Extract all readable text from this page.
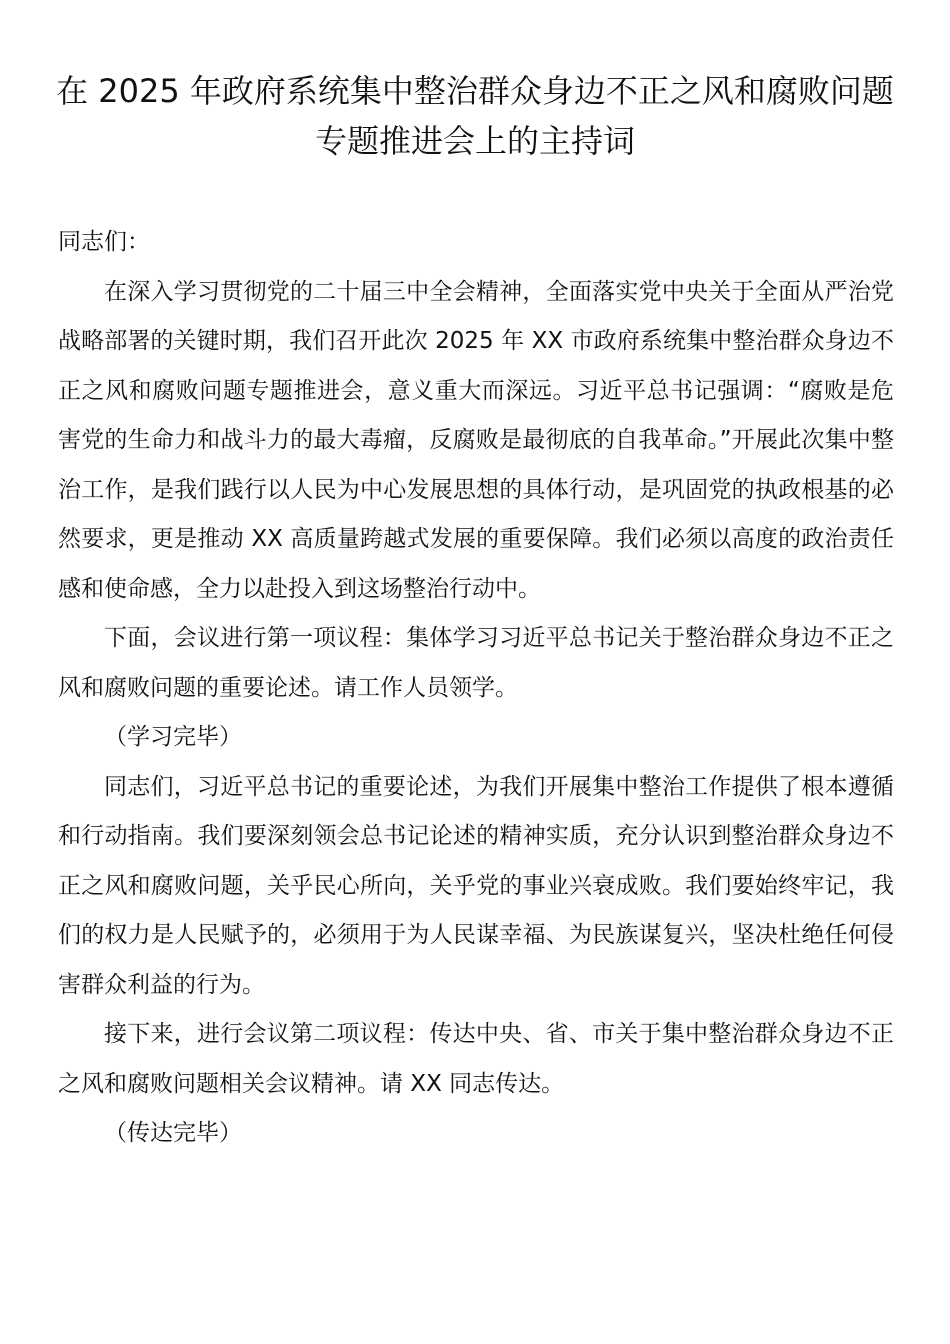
在 2025 年政府系统集中整治群众身边不正之风和腐败问题专题推进会上的主持词

同志们：

在深入学习贯彻党的二十届三中全会精神，全面落实党中央关于全面从严治党战略部署的关键时期，我们召开此次 2025 年 XX 市政府系统集中整治群众身边不正之风和腐败问题专题推进会，意义重大而深远。习近平总书记强调：“腐败是危害党的生命力和战斗力的最大毒瘤，反腐败是最彻底的自我革命。”开展此次集中整治工作，是我们践行以人民为中心发展思想的具体行动，是巩固党的执政根基的必然要求，更是推动 XX 高质量跨越式发展的重要保障。我们必须以高度的政治责任感和使命感，全力以赴投入到这场整治行动中。

下面，会议进行第一项议程：集体学习习近平总书记关于整治群众身边不正之风和腐败问题的重要论述。请工作人员领学。

（学习完毕）

同志们，习近平总书记的重要论述，为我们开展集中整治工作提供了根本遵循和行动指南。我们要深刻领会总书记论述的精神实质，充分认识到整治群众身边不正之风和腐败问题，关乎民心所向，关乎党的事业兴衰成败。我们要始终牢记，我们的权力是人民赋予的，必须用于为人民谋幸福、为民族谋复兴，坚决杜绝任何侵害群众利益的行为。

接下来，进行会议第二项议程：传达中央、省、市关于集中整治群众身边不正之风和腐败问题相关会议精神。请 XX 同志传达。

（传达完毕）
